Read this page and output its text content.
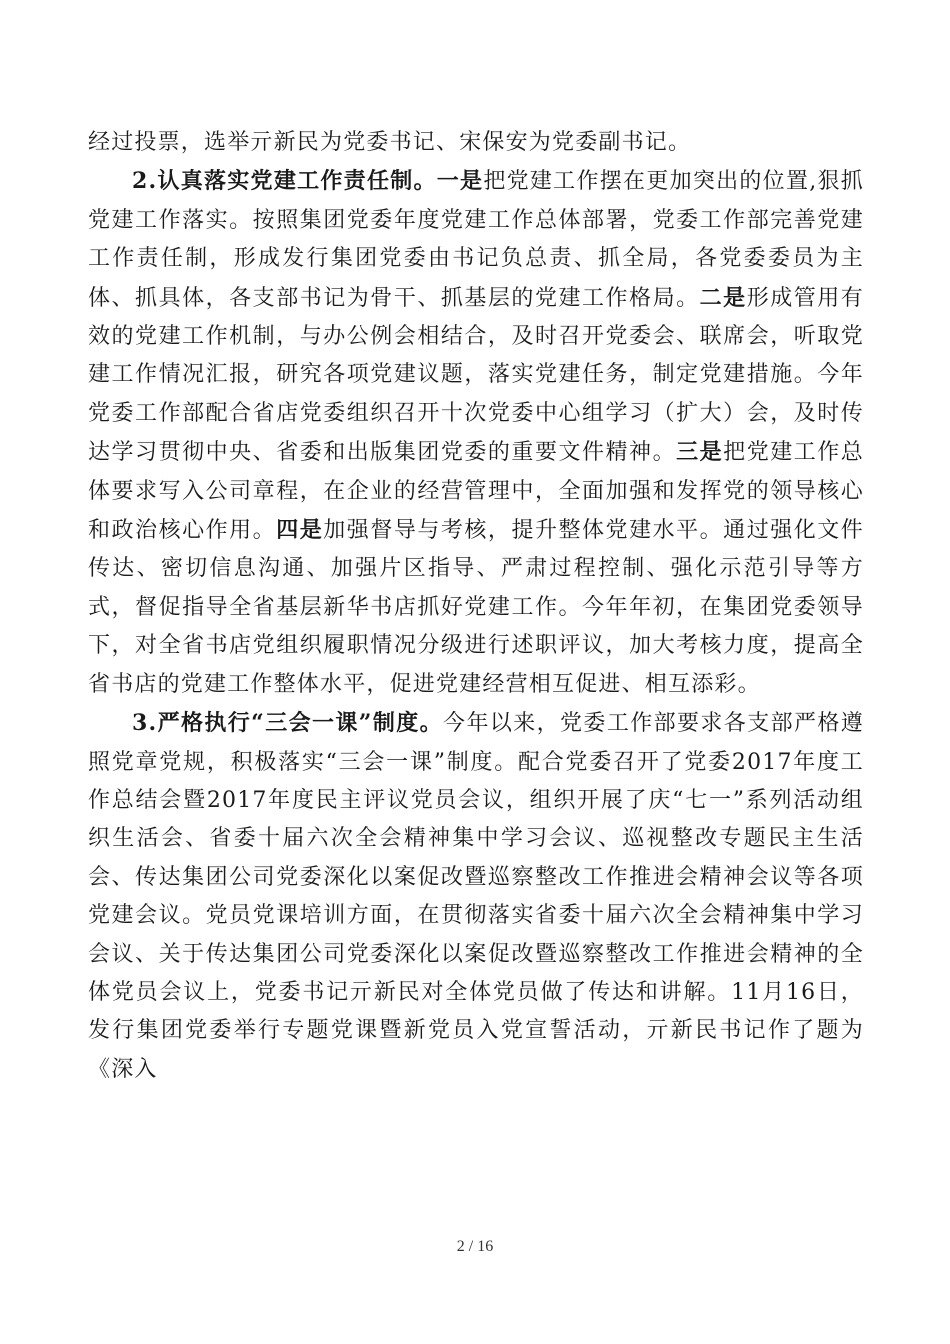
经过投票，选举亓新民为党委书记、宋保安为党委副书记。

2.认真落实党建工作责任制。一是把党建工作摆在更加突出的位置,狠抓党建工作落实。按照集团党委年度党建工作总体部署，党委工作部完善党建工作责任制，形成发行集团党委由书记负总责、抓全局，各党委委员为主体、抓具体，各支部书记为骨干、抓基层的党建工作格局。二是形成管用有效的党建工作机制，与办公例会相结合，及时召开党委会、联席会，听取党建工作情况汇报，研究各项党建议题，落实党建任务，制定党建措施。今年党委工作部配合省店党委组织召开十次党委中心组学习（扩大）会，及时传达学习贯彻中央、省委和出版集团党委的重要文件精神。三是把党建工作总体要求写入公司章程，在企业的经营管理中，全面加强和发挥党的领导核心和政治核心作用。四是加强督导与考核，提升整体党建水平。通过强化文件传达、密切信息沟通、加强片区指导、严肃过程控制、强化示范引导等方式，督促指导全省基层新华书店抓好党建工作。今年年初，在集团党委领导下，对全省书店党组织履职情况分级进行述职评议，加大考核力度，提高全省书店的党建工作整体水平，促进党建经营相互促进、相互添彩。

3.严格执行“三会一课”制度。今年以来，党委工作部要求各支部严格遵照党章党规，积极落实“三会一课”制度。配合党委召开了党委2017年度工作总结会暨2017年度民主评议党员会议，组织开展了庆“七一”系列活动组织生活会、省委十届六次全会精神集中学习会议、巡视整改专题民主生活会、传达集团公司党委深化以案促改暨巡察整改工作推进会精神会议等各项党建会议。党员党课培训方面，在贯彻落实省委十届六次全会精神集中学习会议、关于传达集团公司党委深化以案促改暨巡察整改工作推进会精神的全体党员会议上，党委书记亓新民对全体党员做了传达和讲解。11月16日，发行集团党委举行专题党课暨新党员入党宣誓活动，亓新民书记作了题为《深入

2 / 16
